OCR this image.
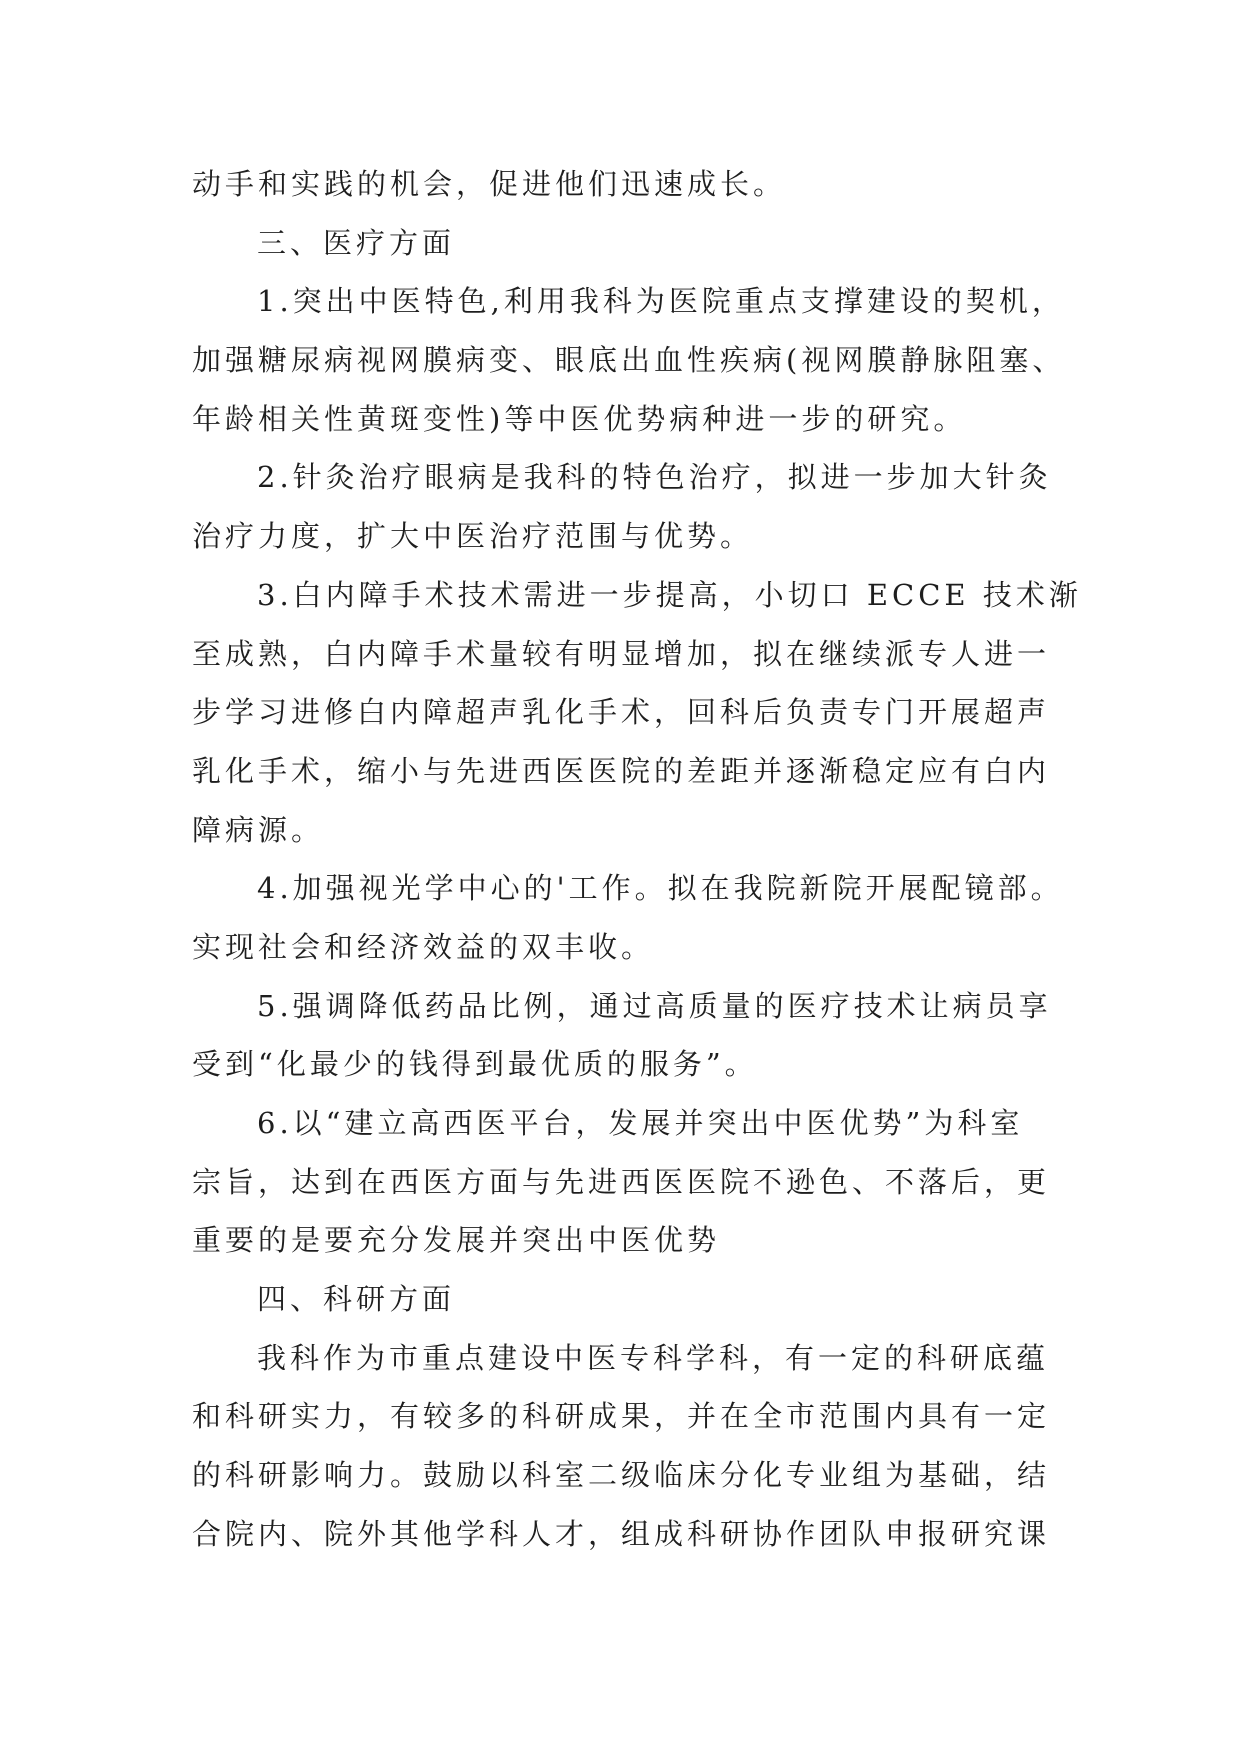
动手和实践的机会，促进他们迅速成长。
三、医疗方面
1.突出中医特色,利用我科为医院重点支撑建设的契机，
加强糖尿病视网膜病变、眼底出血性疾病(视网膜静脉阻塞、
年龄相关性黄斑变性)等中医优势病种进一步的研究。
2.针灸治疗眼病是我科的特色治疗，拟进一步加大针灸
治疗力度，扩大中医治疗范围与优势。
3.白内障手术技术需进一步提高，小切口 ECCE 技术渐
至成熟，白内障手术量较有明显增加，拟在继续派专人进一
步学习进修白内障超声乳化手术，回科后负责专门开展超声
乳化手术，缩小与先进西医医院的差距并逐渐稳定应有白内
障病源。
4.加强视光学中心的'工作。拟在我院新院开展配镜部。
实现社会和经济效益的双丰收。
5.强调降低药品比例，通过高质量的医疗技术让病员享
受到“化最少的钱得到最优质的服务”。
6.以“建立高西医平台，发展并突出中医优势”为科室
宗旨，达到在西医方面与先进西医医院不逊色、不落后，更
重要的是要充分发展并突出中医优势
四、科研方面
我科作为市重点建设中医专科学科，有一定的科研底蕴
和科研实力，有较多的科研成果，并在全市范围内具有一定
的科研影响力。鼓励以科室二级临床分化专业组为基础，结
合院内、院外其他学科人才，组成科研协作团队申报研究课
